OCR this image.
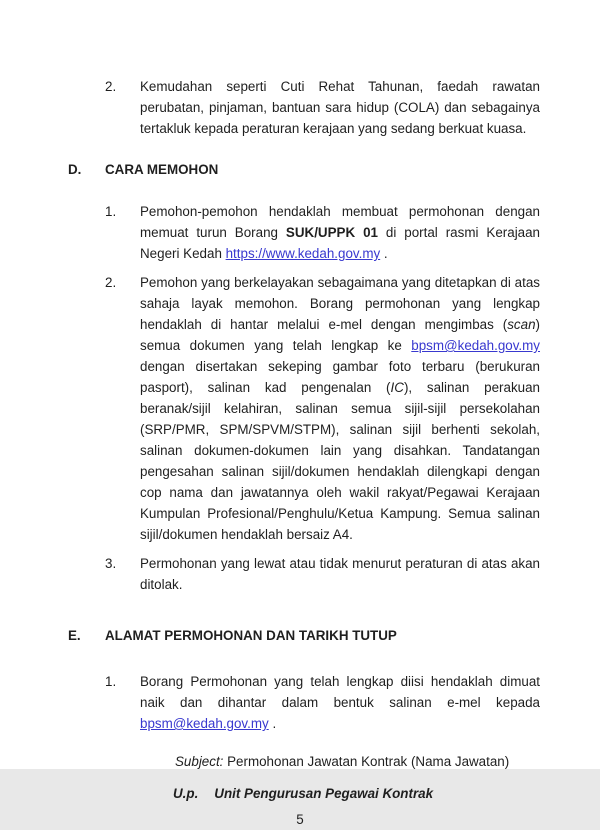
2.	Kemudahan seperti Cuti Rehat Tahunan, faedah rawatan perubatan, pinjaman, bantuan sara hidup (COLA) dan sebagainya tertakluk kepada peraturan kerajaan yang sedang berkuat kuasa.
D.	CARA MEMOHON
1.	Pemohon-pemohon hendaklah membuat permohonan dengan memuat turun Borang SUK/UPPK 01 di portal rasmi Kerajaan Negeri Kedah https://www.kedah.gov.my .
2.	Pemohon yang berkelayakan sebagaimana yang ditetapkan di atas sahaja layak memohon. Borang permohonan yang lengkap hendaklah di hantar melalui e-mel dengan mengimbas (scan) semua dokumen yang telah lengkap ke bpsm@kedah.gov.my dengan disertakan sekeping gambar foto terbaru (berukuran pasport), salinan kad pengenalan (IC), salinan perakuan beranak/sijil kelahiran, salinan semua sijil-sijil persekolahan (SRP/PMR, SPM/SPVM/STPM), salinan sijil berhenti sekolah, salinan dokumen-dokumen lain yang disahkan. Tandatangan pengesahan salinan sijil/dokumen hendaklah dilengkapi dengan cop nama dan jawatannya oleh wakil rakyat/Pegawai Kerajaan Kumpulan Profesional/Penghulu/Ketua Kampung. Semua salinan sijil/dokumen hendaklah bersaiz A4.
3.	Permohonan yang lewat atau tidak menurut peraturan di atas akan ditolak.
E.	ALAMAT PERMOHONAN DAN TARIKH TUTUP
1.	Borang Permohonan yang telah lengkap diisi hendaklah dimuat naik dan dihantar dalam bentuk salinan e-mel kepada bpsm@kedah.gov.my .
Subject: Permohonan Jawatan Kontrak (Nama Jawatan)
U.p. Unit Pengurusan Pegawai Kontrak
5
